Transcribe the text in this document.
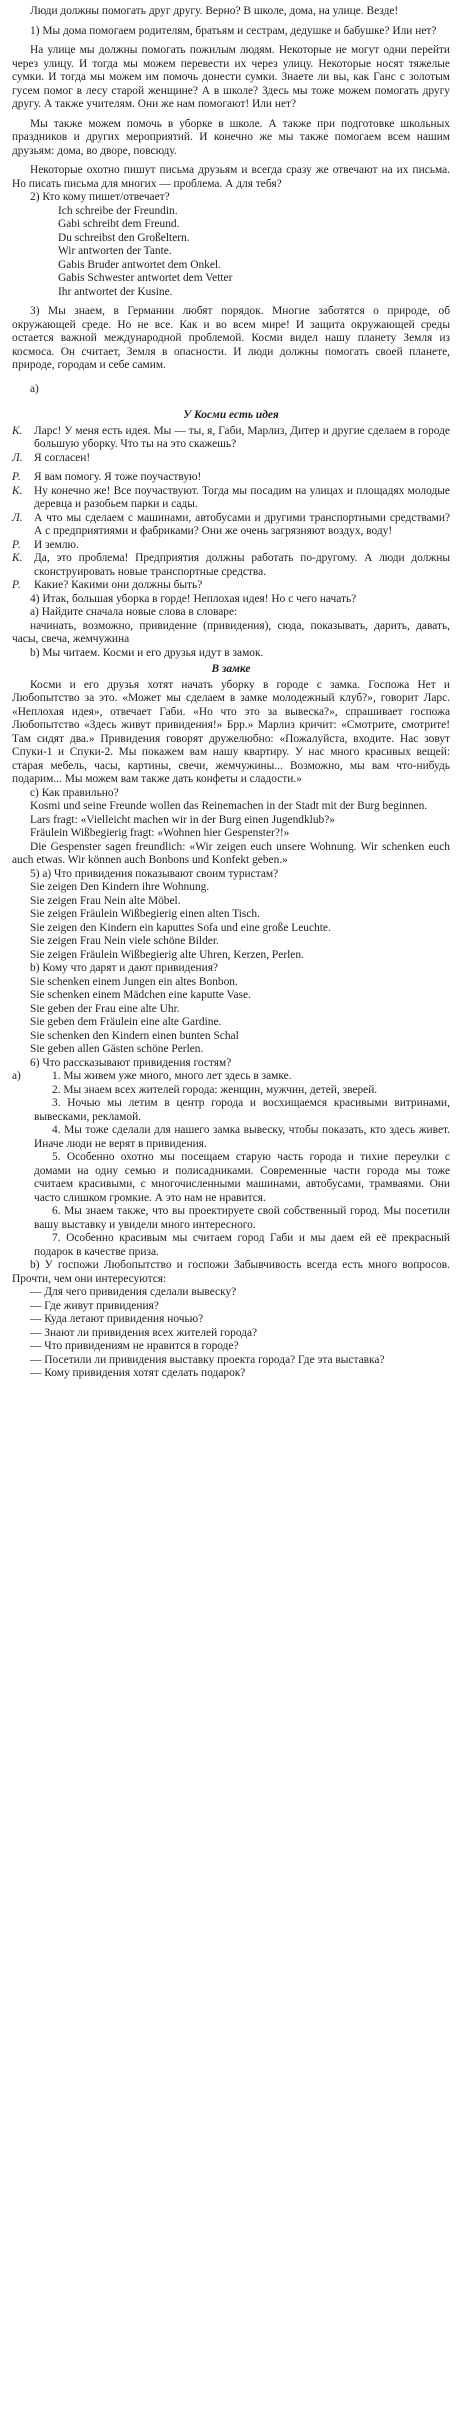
Люди должны помогать друг другу. Верно? В школе, дома, на улице. Везде!

1) Мы дома помогаем родителям, братьям и сестрам, дедушке и бабушке? Или нет?

На улице мы должны помогать пожилым людям. Некоторые не могут одни перейти через улицу. И тогда мы можем перевести их через улицу. Некоторые носят тяжелые сумки. И тогда мы можем им помочь донести сумки. Знаете ли вы, как Ганс с золотым гусем помог в лесу старой женщине? А в школе? Здесь мы тоже можем помогать другу другу. А также учителям. Они же нам помогают! Или нет?

Мы также можем помочь в уборке в школе. А также при подготовке школьных праздников и других мероприятий. И конечно же мы также помогаем всем нашим друзьям: дома, во дворе, повсюду.

Некоторые охотно пишут письма друзьям и всегда сразу же отвечают на их письма. Но писать письма для многих — проблема. А для тебя?

2) Кто кому пишет/отвечает?

Ich schreibe der Freundin.

Gabi schreibt dem Freund.

Du schreibst den Großeltern.

Wir antworten der Tante.

Gabis Bruder antwortet dem Onkel.

Gabis Schwester antwortet dem Vetter

Ihr antwortet der Kusine.

3) Мы знаем, в Германии любят порядок. Многие заботятся о природе, об окружающей среде. Но не все. Как и во всем мире! И защита окружающей среды остается важной международной проблемой. Косми видел нашу планету Земля из космоса. Он считает, Земля в опасности. И люди должны помогать своей планете, природе, городам и себе самим.

а)

У Косми есть идея

К. Ларс! У меня есть идея. Мы — ты, я, Габи, Марлиз, Дитер и другие сделаем в городе большую уборку. Что ты на это скажешь?

Л. Я согласен!

Р. Я вам помогу. Я тоже поучаствую!

К. Ну конечно же! Все поучаствуют. Тогда мы посадим на улицах и площадях молодые деревца и разобьем парки и сады.

Л. А что мы сделаем с машинами, автобусами и другими транспортными средствами? А с предприятиями и фабриками? Они же очень загрязняют воздух, воду!

Р. И землю.

К. Да, это проблема! Предприятия должны работать по-другому. А люди должны сконструировать новые транспортные средства.

Р. Какие? Какими они должны быть?

4) Итак, большая уборка в горде! Неплохая идея! Но с чего начать?

а) Найдите сначала новые слова в словаре:

начинать, возможно, привидение (привидения), сюда, показывать, дарить, давать, часы, свеча, жемчужина

b) Мы читаем. Косми и его друзья идут в замок.

В замке

Косми и его друзья хотят начать уборку в городе с замка. Госпожа Нет и Любопытство за это. «Может мы сделаем в замке молодежный клуб?», говорит Ларс. «Неплохая идея», отвечает Габи. «Но что это за вывеска?», спрашивает госпожа Любопытство «Здесь живут привидения!» Брр.» Марлиз кричит: «Смотрите, смотрите! Там сидят два.» Привидения говорят дружелюбно: «Пожалуйста, входите. Нас зовут Спуки-1 и Спуки-2. Мы покажем вам нашу квартиру. У нас много красивых вещей: старая мебель, часы, картины, свечи, жемчужины... Возможно, мы вам что-нибудь подарим... Мы можем вам также дать конфеты и сладости.»

c) Как правильно?

Kosmi und seine Freunde wollen das Reinemachen in der Stadt mit der Burg beginnen.

Lars fragt: «Vielleicht machen wir in der Burg einen Jugendklub?»

Fräulein Wißbegierig fragt: «Wohnen hier Gespenster?!»

Die Gespenster sagen freundlich: «Wir zeigen euch unsere Wohnung. Wir schenken euch auch etwas. Wir können auch Bonbons und Konfekt geben.»

5) а) Что привидения показывают своим туристам?

Sie zeigen Den Kindern ihre Wohnung.

Sie zeigen Frau Nein alte Möbel.

Sie zeigen Fräulein Wißbegierig einen alten Tisch.

Sie zeigen den Kindern ein kaputtes Sofa und eine große Leuchte.

Sie zeigen Frau Nein viele schöne Bilder.

Sie zeigen Fräulein Wißbegierig alte Uhren, Kerzen, Perlen.

b) Кому что дарят и дают привидения?

Sie schenken einem Jungen ein altes Bonbon.

Sie schenken einem Mädchen eine kaputte Vase.

Sie geben der Frau eine alte Uhr.

Sie geben dem Fräulein eine alte Gardine.

Sie schenken den Kindern einen bunten Schal

Sie geben allen Gästen schöne Perlen.

6) Что рассказывают привидения гостям?

а)	1. Мы живем уже много, много лет здесь в замке.

2. Мы знаем всех жителей города: женщин, мужчин, детей, зверей.

3. Ночью мы летим в центр города и восхищаемся красивыми витринами, вывесками, рекламой.

4. Мы тоже сделали для нашего замка вывеску, чтобы показать, кто здесь живет. Иначе люди не верят в привидения.

5. Особенно охотно мы посещаем старую часть города и тихие переулки с домами на одну семью и полисадниками. Современные части города мы тоже считаем красивыми, с многочисленными машинами, автобусами, трамваями. Они часто слишком громкие. А это нам не нравится.

6. Мы знаем также, что вы проектируете свой собственный город. Мы посетили вашу выставку и увидели много интересного.

7. Особенно красивым мы считаем город Габи и мы даем ей её прекрасный подарок в качестве приза.

b) У госпожи Любопытство и госпожи Забывчивость всегда есть много вопросов. Прочти, чем они интересуются:

— Для чего привидения сделали вывеску?

— Где живут привидения?

— Куда летают привидения ночью?

— Знают ли привидения всех жителей города?

— Что привидениям не нравится в городе?

— Посетили ли привидения выставку проекта города? Где эта выставка?

— Кому привидения хотят сделать подарок?
